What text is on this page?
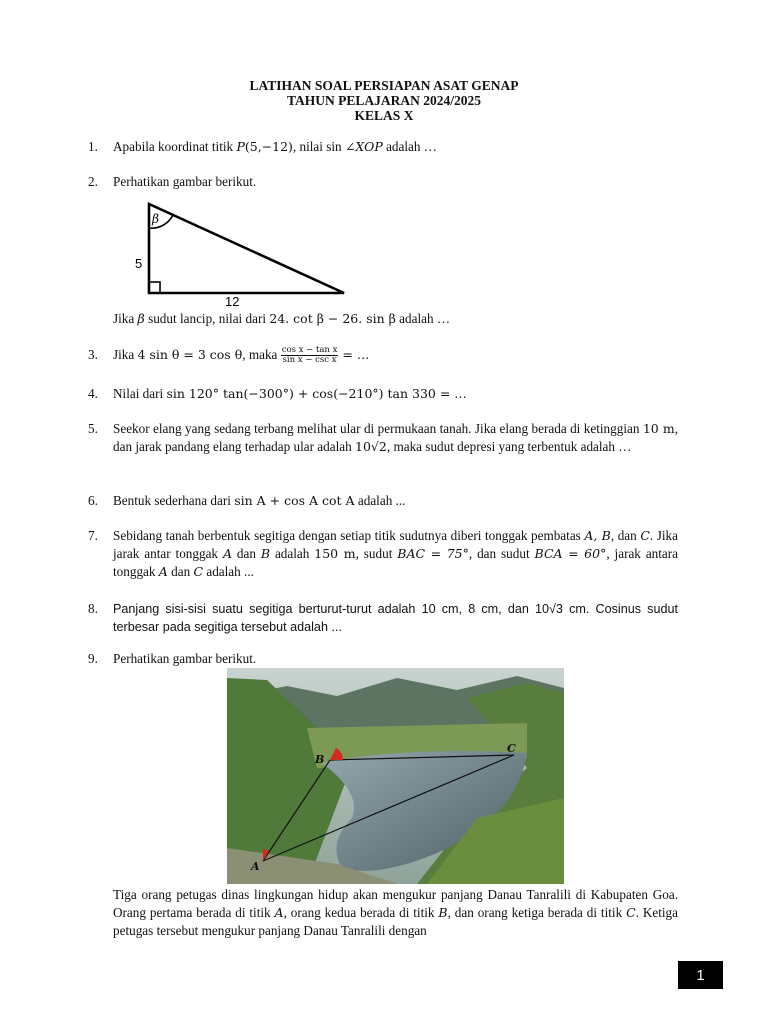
LATIHAN SOAL PERSIAPAN ASAT GENAP
TAHUN PELAJARAN 2024/2025
KELAS X
1. Apabila koordinat titik P(5,−12), nilai sin ∠XOP adalah …
2. Perhatikan gambar berikut.
β
5
12
Jika β sudut lancip, nilai dari 24. cot β − 26. sin β adalah …
3. Jika 4 sin θ = 3 cos θ, maka $\frac{\text{cos x − tan x}}{\text{sin x − csc x}}$ = …
4. Nilai dari sin 120° tan(−300°) + cos(−210°) tan 330 = …
5. Seekor elang yang sedang terbang melihat ular di permukaan tanah. Jika elang berada di ketinggian 10 m, dan jarak pandang elang terhadap ular adalah 10√2, maka sudut depresi yang terbentuk adalah …
6. Bentuk sederhana dari sin A + cos A cot A adalah ...
7. Sebidang tanah berbentuk segitiga dengan setiap titik sudutnya diberi tonggak pembatas A, B, dan C. Jika jarak antar tonggak A dan B adalah 150 m, sudut BAC = 75°, dan sudut BCA = 60°, jarak antara tonggak A dan C adalah ...
8. Panjang sisi-sisi suatu segitiga berturut-turut adalah 10 cm, 8 cm, dan 10√3 cm. Cosinus sudut terbesar pada segitiga tersebut adalah ...
9. Perhatikan gambar berikut.
A
B
C
Tiga orang petugas dinas lingkungan hidup akan mengukur panjang Danau Tanralili di Kabupaten Goa. Orang pertama berada di titik A, orang kedua berada di titik B, dan orang ketiga berada di titik C. Ketiga petugas tersebut mengukur panjang Danau Tanralili dengan
1
